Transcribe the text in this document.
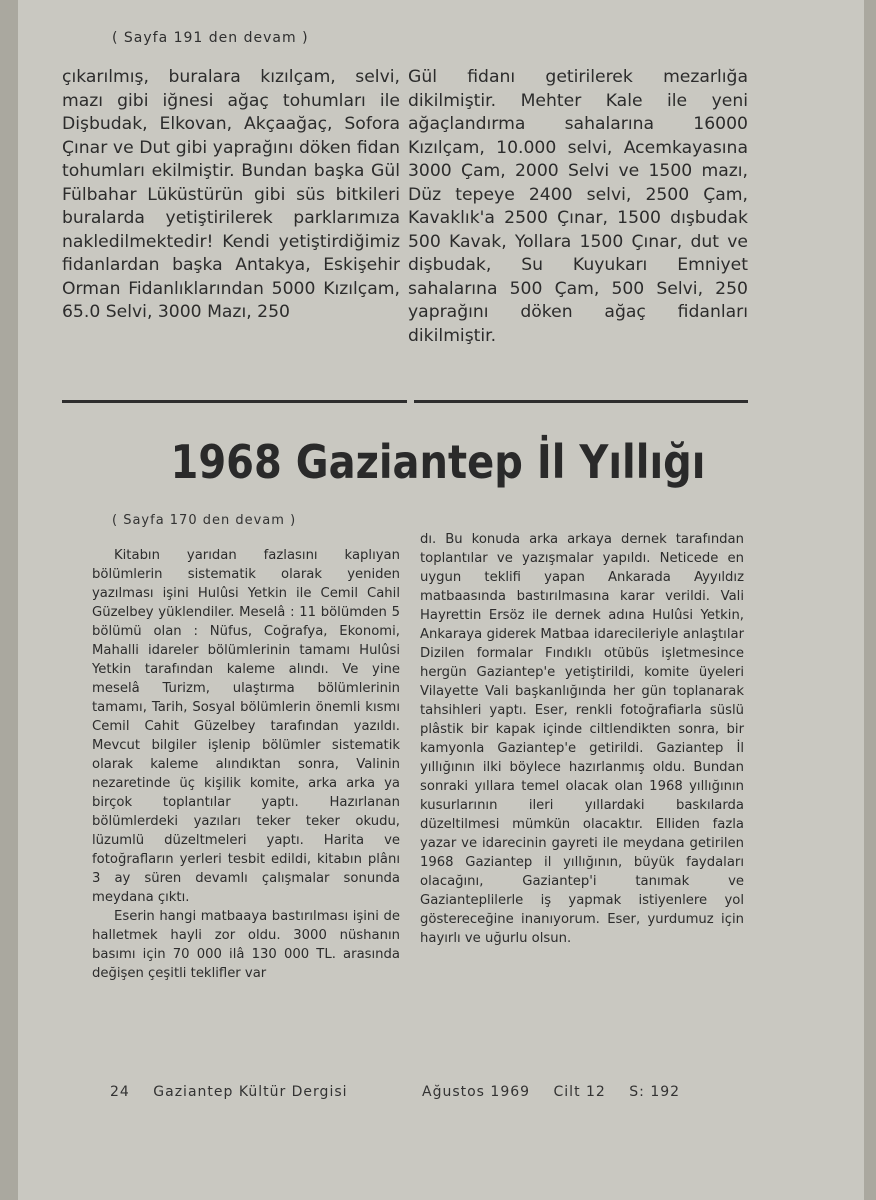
( Sayfa 191 den devam )
çıkarılmış, buralara kızılçam, selvi, mazı gibi iğnesi ağaç tohumları ile Dişbudak, Elkovan, Akçaağaç, Sofora Çınar ve Dut gibi yaprağını döken fidan tohumları ekilmiştir. Bundan başka Gül Fülbahar Lüküstürün gibi süs bitkileri buralarda yetiştirilerek parklarımıza nakledilmektedir! Kendi yetiştirdiğimiz fidanlardan başka Antakya, Eskişehir Orman Fidanlıklarından 5000 Kızılçam, 65.0 Selvi, 3000 Mazı, 250
Gül fidanı getirilerek mezarlığa dikilmiştir. Mehter Kale ile yeni ağaçlandırma sahalarına 16000 Kızılçam, 10.000 selvi, Acemkayasına 3000 Çam, 2000 Selvi ve 1500 mazı, Düz tepeye 2400 selvi, 2500 Çam, Kavaklık'a 2500 Çınar, 1500 dışbudak 500 Kavak, Yollara 1500 Çınar, dut ve dişbudak, Su Kuyukarı Emniyet sahalarına 500 Çam, 500 Selvi, 250 yaprağını döken ağaç fidanları dikilmiştir.
1968 Gaziantep İl Yıllığı
( Sayfa 170 den devam )

Kitabın yarıdan fazlasını kaplıyan bölümlerin sistematik olarak yeniden yazılması işini Hulûsi Yetkin ile Cemil Cahil Güzelbey yüklendiler. Meselâ : 11 bölümden 5 bölümü olan : Nüfus, Coğrafya, Ekonomi, Mahalli idareler bölümlerinin tamamı Hulûsi Yetkin tarafından kaleme alındı. Ve yine meselâ Turizm, ulaştırma bölümlerinin tamamı, Tarih, Sosyal bölümlerin önemli kısmı Cemil Cahit Güzelbey tarafından yazıldı. Mevcut bilgiler işlenip bölümler sistematik olarak kaleme alındıktan sonra, Valinin nezaretinde üç kişilik komite, arka arka ya birçok toplantılar yaptı. Hazırlanan bölümlerdeki yazıları teker teker okudu, lüzumlü düzeltmeleri yaptı. Harita ve fotoğrafların yerleri tesbit edildi, kitabın plânı 3 ay süren devamlı çalışmalar sonunda meydana çıktı.

Eserin hangi matbaaya bastırılması işini de halletmek hayli zor oldu. 3000 nüshanın basımı için 70 000 ilâ 130 000 TL. arasında değişen çeşitli teklifler var

dı. Bu konuda arka arkaya dernek tarafından toplantılar ve yazışmalar yapıldı. Neticede en uygun teklifi yapan Ankarada Ayyıldız matbaasında bastırılmasına karar verildi. Vali Hayrettin Ersöz ile dernek adına Hulûsi Yetkin, Ankaraya giderek Matbaa idarecileriyle anlaştılar Dizilen formalar Fındıklı otübüs işletmesince hergün Gaziantep'e yetiştirildi, komite üyeleri Vilayette Vali başkanlığında her gün toplanarak tahsihleri yaptı. Eser, renkli fotoğrafiarla süslü plâstik bir kapak içinde ciltlendikten sonra, bir kamyonla Gaziantep'e getirildi. Gaziantep İl yıllığının ilki böylece hazırlanmış oldu. Bundan sonraki yıllara temel olacak olan 1968 yıllığının kusurlarının ileri yıllardaki baskılarda düzeltilmesi mümkün olacaktır. Elliden fazla yazar ve idarecinin gayreti ile meydana getirilen 1968 Gaziantep il yıllığının, büyük faydaları olacağını, Gaziantep'i tanımak ve Gazianteplilerle iş yapmak istiyenlere yol göstereceğine inanıyorum. Eser, yurdumuz için hayırlı ve uğurlu olsun.

24 Gaziantep Kültür Dergisi	Ağustos 1969 Cilt 12 S: 192
